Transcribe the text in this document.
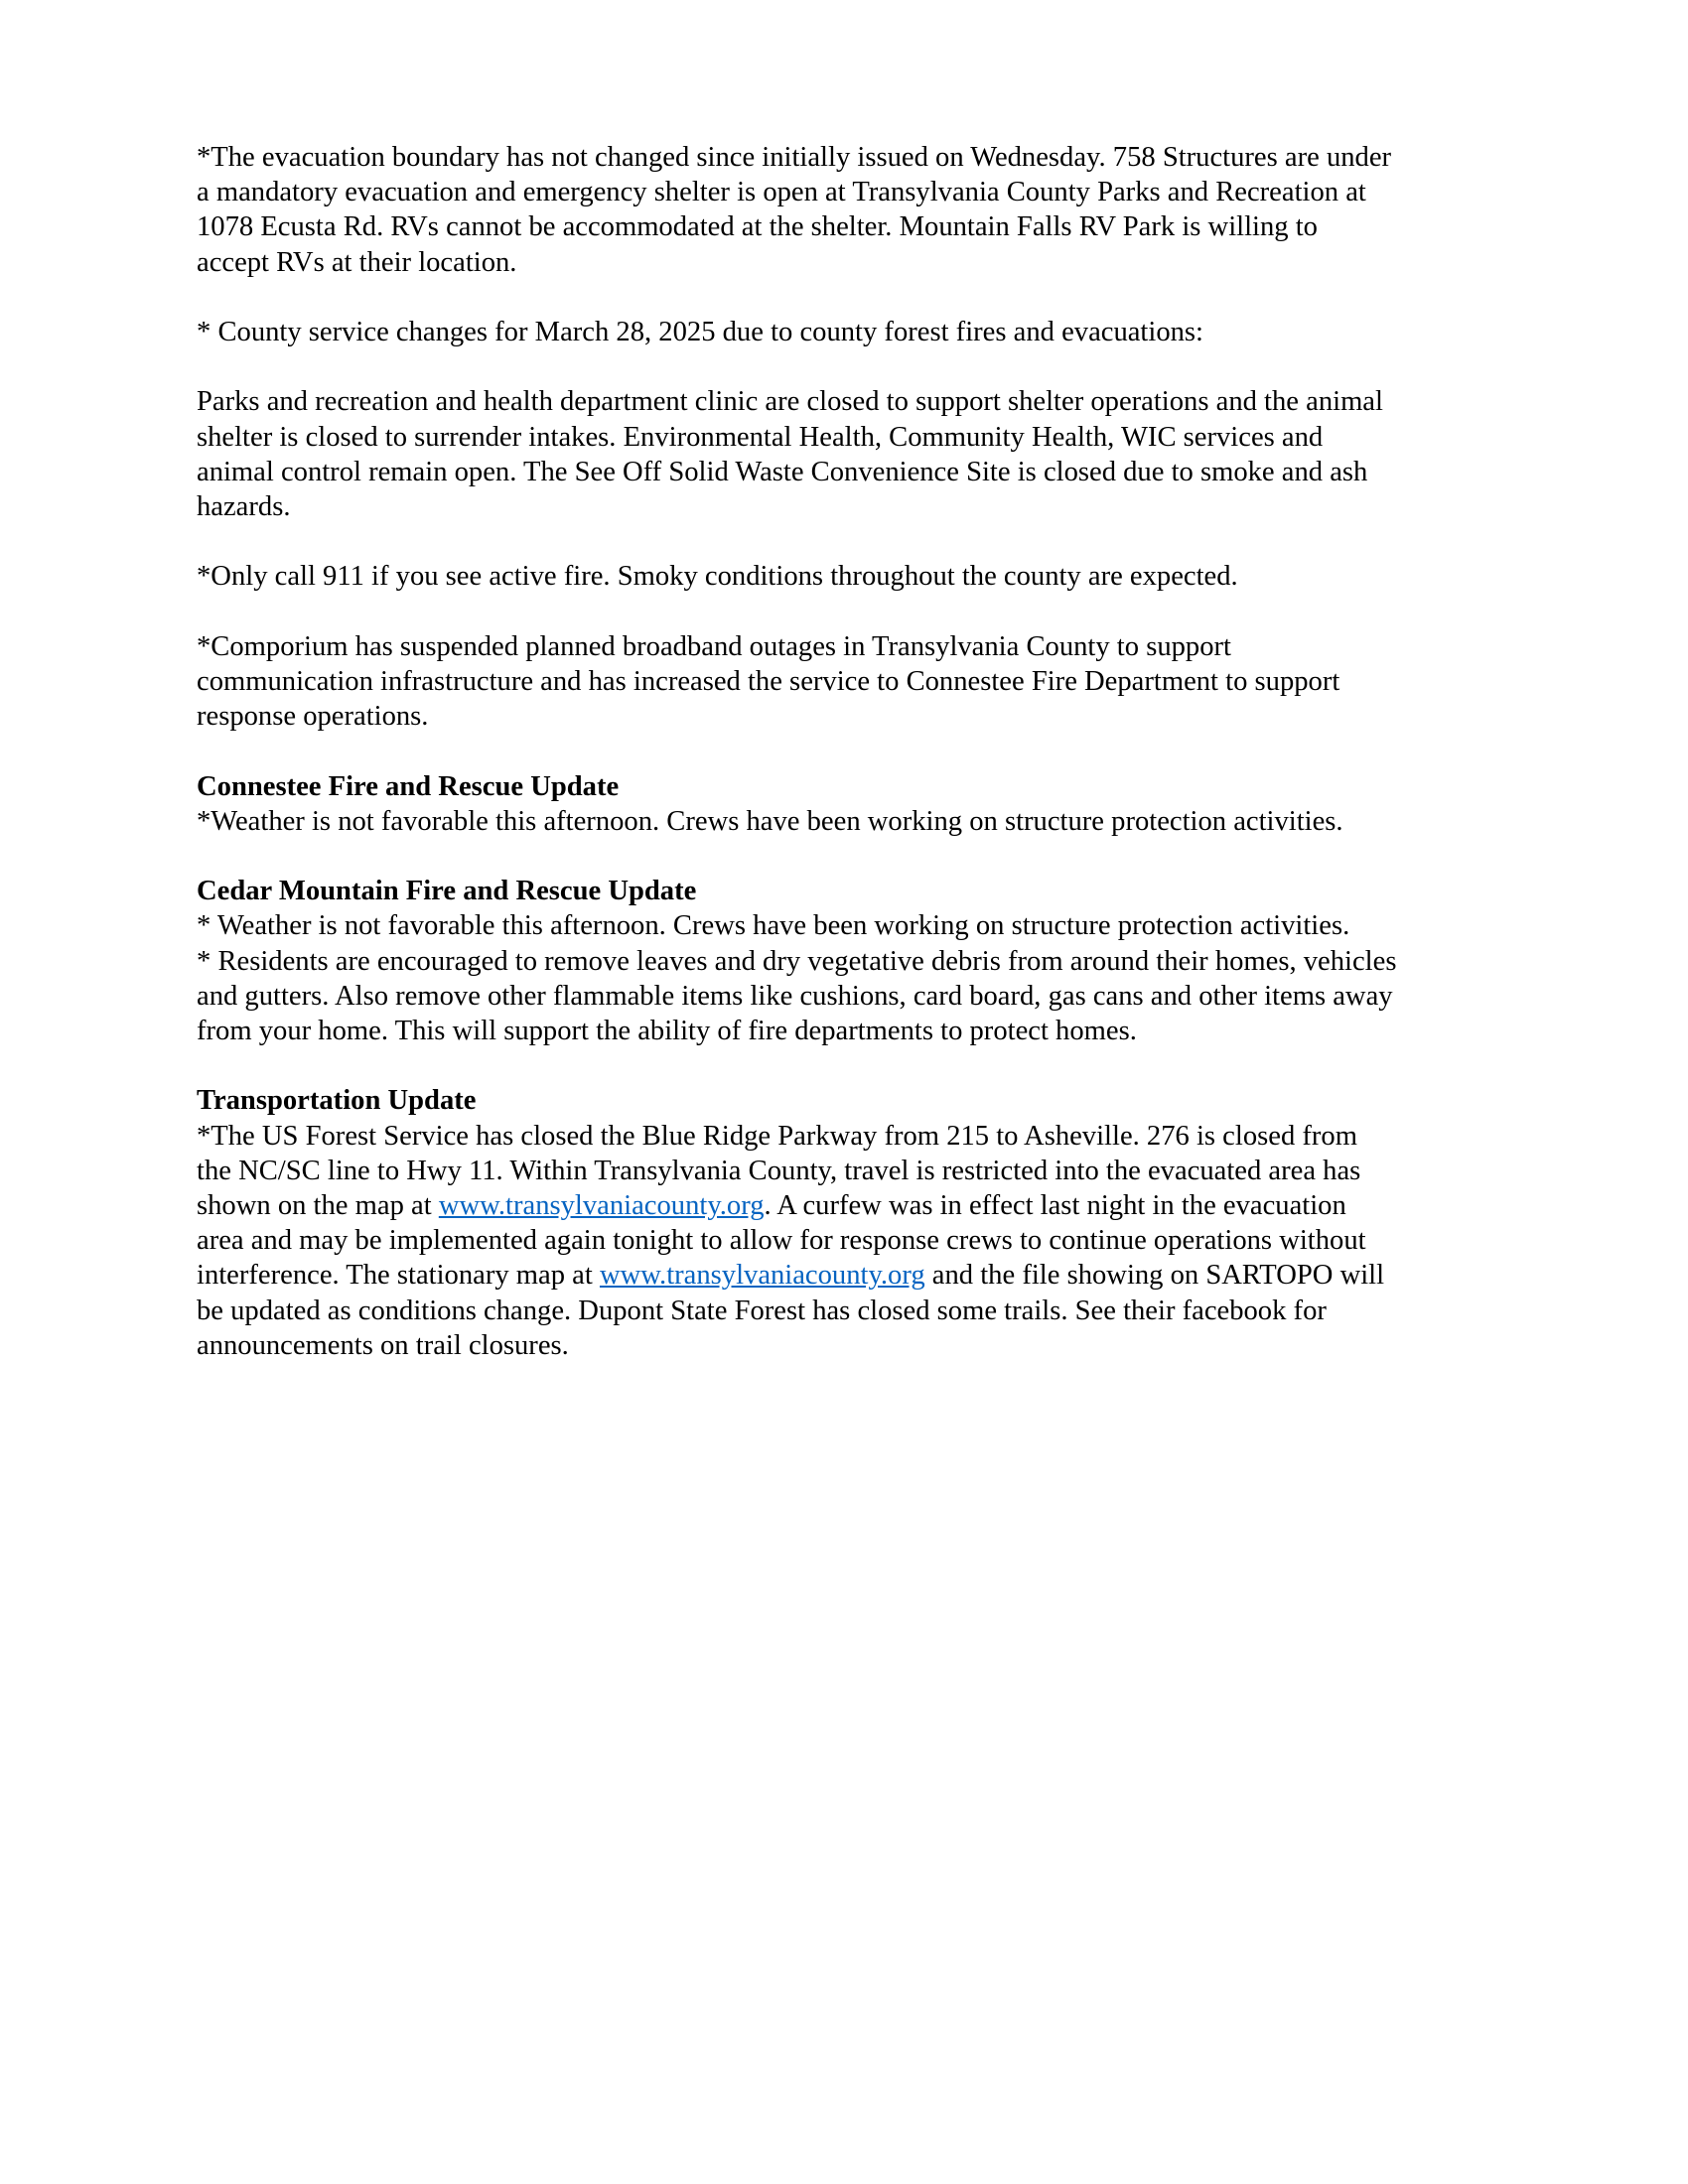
*The evacuation boundary has not changed since initially issued on Wednesday. 758 Structures are under
a mandatory evacuation and emergency shelter is open at Transylvania County Parks and Recreation at
1078 Ecusta Rd. RVs cannot be accommodated at the shelter. Mountain Falls RV Park is willing to
accept RVs at their location.

* County service changes for March 28, 2025 due to county forest fires and evacuations:

Parks and recreation and health department clinic are closed to support shelter operations and the animal
shelter is closed to surrender intakes. Environmental Health, Community Health, WIC services and
animal control remain open. The See Off Solid Waste Convenience Site is closed due to smoke and ash
hazards.

*Only call 911 if you see active fire. Smoky conditions throughout the county are expected.

*Comporium has suspended planned broadband outages in Transylvania County to support
communication infrastructure and has increased the service to Connestee Fire Department to support
response operations.

Connestee Fire and Rescue Update
*Weather is not favorable this afternoon. Crews have been working on structure protection activities.

Cedar Mountain Fire and Rescue Update
* Weather is not favorable this afternoon. Crews have been working on structure protection activities.
* Residents are encouraged to remove leaves and dry vegetative debris from around their homes, vehicles
and gutters. Also remove other flammable items like cushions, card board, gas cans and other items away
from your home. This will support the ability of fire departments to protect homes.

Transportation Update
*The US Forest Service has closed the Blue Ridge Parkway from 215 to Asheville. 276 is closed from
the NC/SC line to Hwy 11. Within Transylvania County, travel is restricted into the evacuated area has
shown on the map at www.transylvaniacounty.org. A curfew was in effect last night in the evacuation
area and may be implemented again tonight to allow for response crews to continue operations without
interference. The stationary map at www.transylvaniacounty.org and the file showing on SARTOPO will
be updated as conditions change. Dupont State Forest has closed some trails. See their facebook for
announcements on trail closures.
